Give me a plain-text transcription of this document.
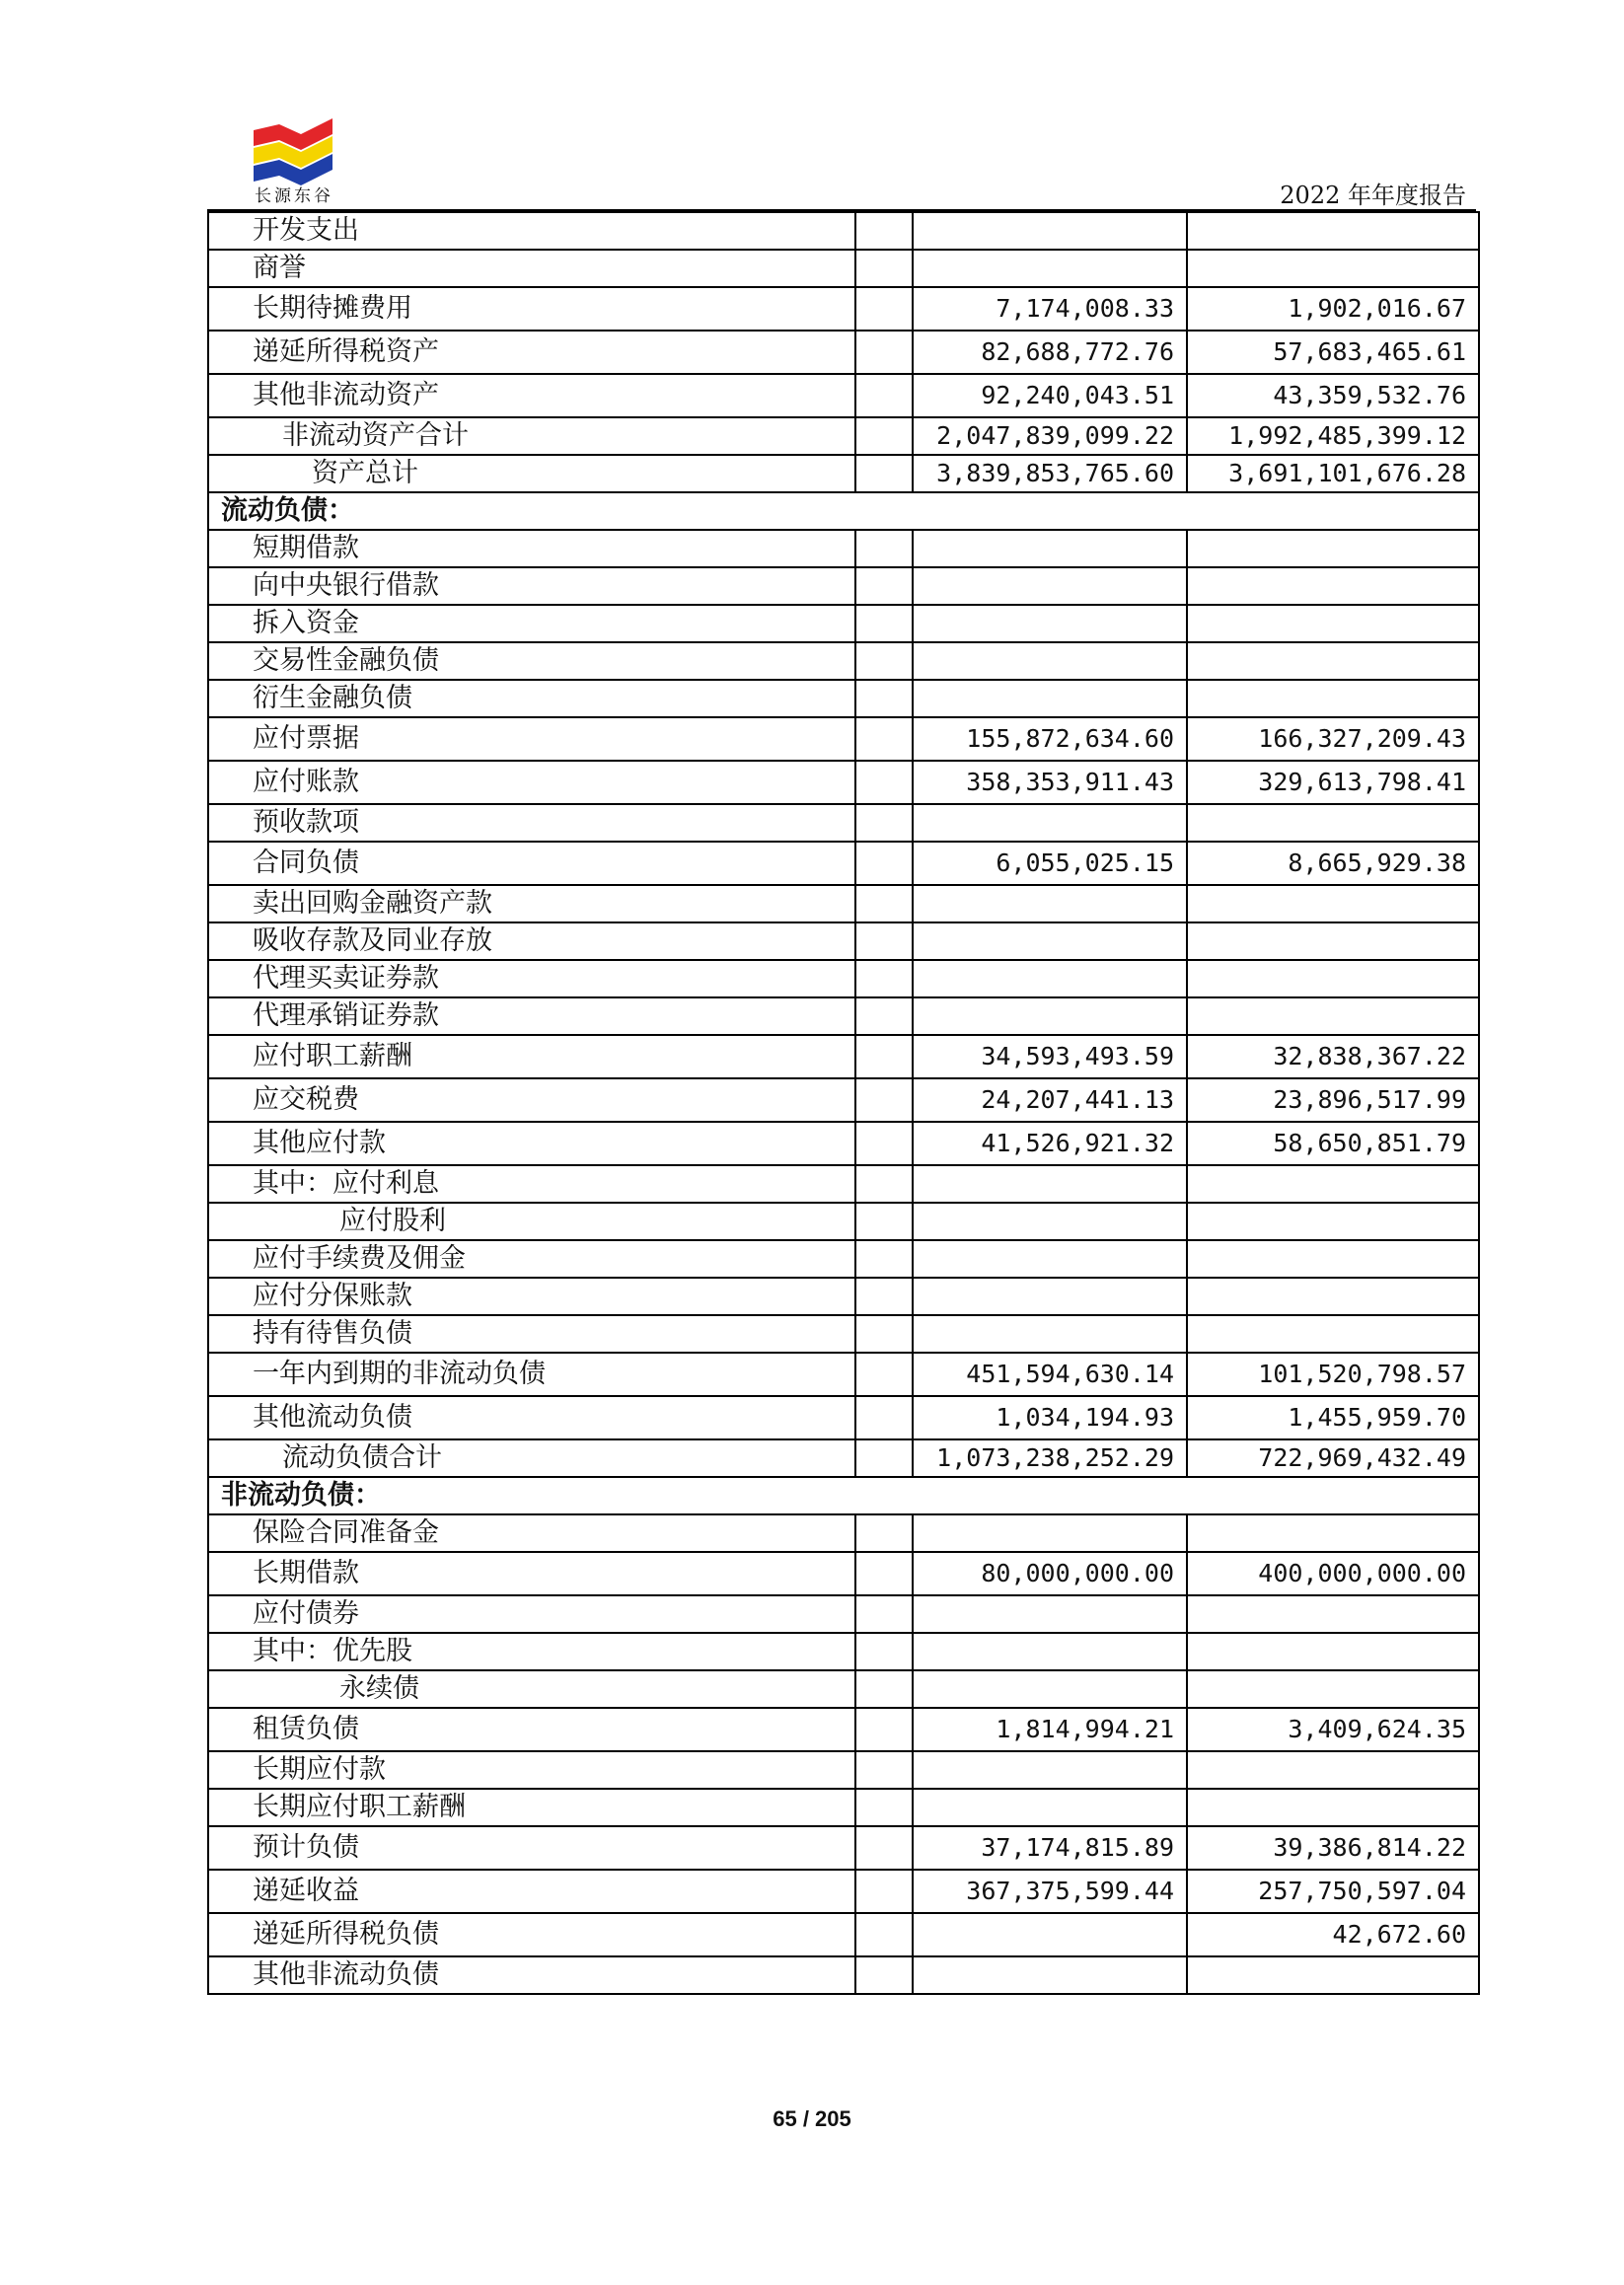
长源东谷	2022 年年度报告
开发支出			
商誉			
长期待摊费用		7,174,008.33	1,902,016.67
递延所得税资产		82,688,772.76	57,683,465.61
其他非流动资产		92,240,043.51	43,359,532.76
非流动资产合计		2,047,839,099.22	1,992,485,399.12
资产总计		3,839,853,765.60	3,691,101,676.28
流动负债：			
短期借款			
向中央银行借款			
拆入资金			
交易性金融负债			
衍生金融负债			
应付票据		155,872,634.60	166,327,209.43
应付账款		358,353,911.43	329,613,798.41
预收款项			
合同负债		6,055,025.15	8,665,929.38
卖出回购金融资产款			
吸收存款及同业存放			
代理买卖证券款			
代理承销证券款			
应付职工薪酬		34,593,493.59	32,838,367.22
应交税费		24,207,441.13	23,896,517.99
其他应付款		41,526,921.32	58,650,851.79
其中：应付利息			
应付股利			
应付手续费及佣金			
应付分保账款			
持有待售负债			
一年内到期的非流动负债		451,594,630.14	101,520,798.57
其他流动负债		1,034,194.93	1,455,959.70
流动负债合计		1,073,238,252.29	722,969,432.49
非流动负债：			
保险合同准备金			
长期借款		80,000,000.00	400,000,000.00
应付债券			
其中：优先股			
永续债			
租赁负债		1,814,994.21	3,409,624.35
长期应付款			
长期应付职工薪酬			
预计负债		37,174,815.89	39,386,814.22
递延收益		367,375,599.44	257,750,597.04
递延所得税负债			42,672.60
其他非流动负债			
65 / 205
